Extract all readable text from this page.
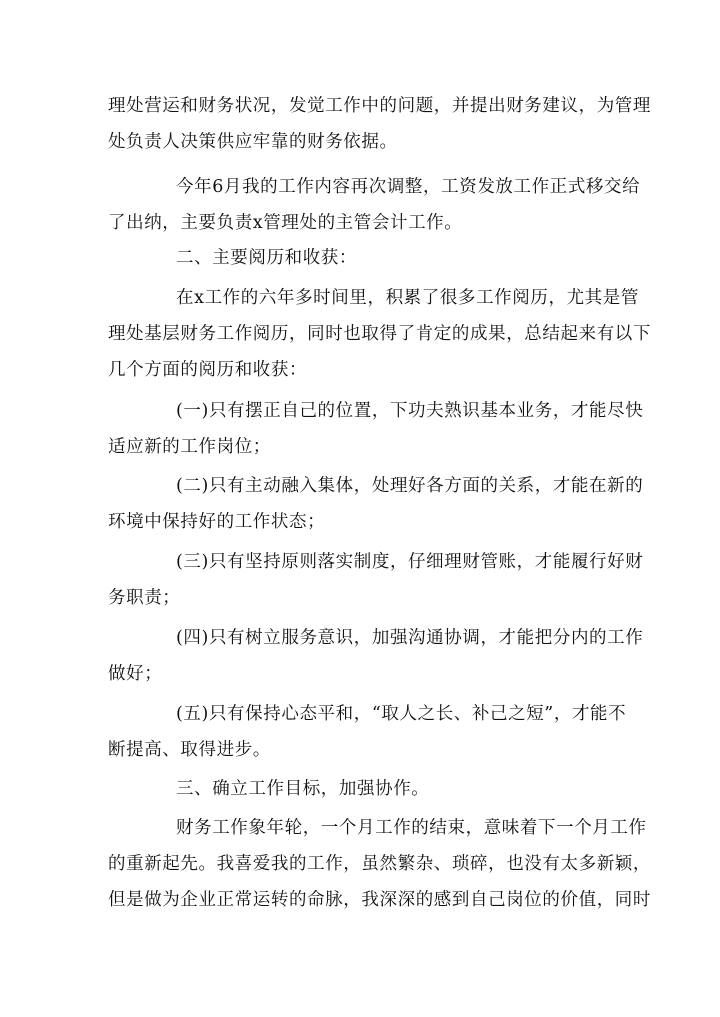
理处营运和财务状况，发觉工作中的问题，并提出财务建议，为管理
处负责人决策供应牢靠的财务依据。
今年6月我的工作内容再次调整，工资发放工作正式移交给
了出纳，主要负责x管理处的主管会计工作。
二、主要阅历和收获：
在x工作的六年多时间里，积累了很多工作阅历，尤其是管
理处基层财务工作阅历，同时也取得了肯定的成果，总结起来有以下
几个方面的阅历和收获：
(一)只有摆正自己的位置，下功夫熟识基本业务，才能尽快
适应新的工作岗位；
(二)只有主动融入集体，处理好各方面的关系，才能在新的
环境中保持好的工作状态；
(三)只有坚持原则落实制度，仔细理财管账，才能履行好财
务职责；
(四)只有树立服务意识，加强沟通协调，才能把分内的工作
做好；
(五)只有保持心态平和，“取人之长、补己之短”，才能不
断提高、取得进步。
三、确立工作目标，加强协作。
财务工作象年轮，一个月工作的结束，意味着下一个月工作
的重新起先。我喜爱我的工作，虽然繁杂、琐碎，也没有太多新颖，
但是做为企业正常运转的命脉，我深深的感到自己岗位的价值，同时
